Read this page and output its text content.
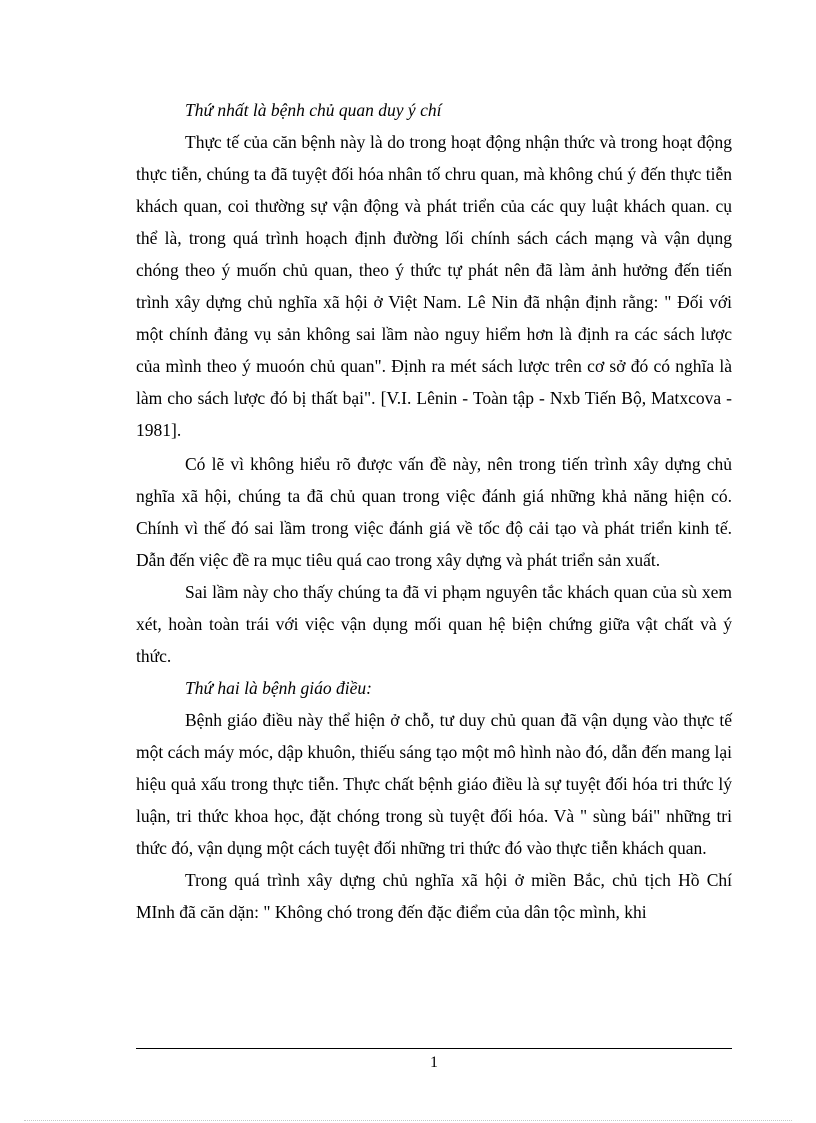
Thứ nhất là bệnh chủ quan duy ý chí

Thực tế của căn bệnh này là do trong hoạt động nhận thức và trong hoạt động thực tiễn, chúng ta đã tuyệt đối hóa nhân tố chru quan, mà không chú ý đến thực tiễn khách quan, coi thường sự vận động và phát triển của các quy luật khách quan. cụ thể là, trong quá trình hoạch định đường lối chính sách cách mạng và vận dụng chóng theo ý muốn chủ quan, theo ý thức tự phát nên đã làm ảnh hưởng đến tiến trình xây dựng chủ nghĩa xã hội ở Việt Nam. Lê Nin đã nhận định rằng: " Đối với một chính đảng vụ sản không sai lầm nào nguy hiểm hơn là định ra các sách lược của mình theo ý muoón chủ quan". Định ra mét sách lược trên cơ sở đó có nghĩa là làm cho sách lược đó bị thất bại". [V.I. Lênin - Toàn tập - Nxb Tiến Bộ, Matxcova - 1981].

Có lẽ vì không hiểu rõ được vấn đề này, nên trong tiến trình xây dựng chủ nghĩa xã hội, chúng ta đã chủ quan trong việc đánh giá những khả năng hiện có. Chính vì thế đó sai lầm trong việc đánh giá về tốc độ cải tạo và phát triển kinh tế. Dẫn đến việc đề ra mục tiêu quá cao trong xây dựng và phát triển sản xuất.

Sai lầm này cho thấy chúng ta đã vi phạm nguyên tắc khách quan của sù xem xét, hoàn toàn trái với việc vận dụng mối quan hệ biện chứng giữa vật chất và ý thức.

Thứ hai là bệnh giáo điều:

Bệnh giáo điều này thể hiện ở chỗ, tư duy chủ quan đã vận dụng vào thực tế một cách máy móc, dập khuôn, thiếu sáng tạo một mô hình nào đó, dẫn đến mang lại hiệu quả xấu trong thực tiễn. Thực chất bệnh giáo điều là sự tuyệt đối hóa tri thức lý luận, tri thức khoa học, đặt chóng trong sù tuyệt đối hóa. Và " sùng bái" những tri thức đó, vận dụng một cách tuyệt đối những tri thức đó vào thực tiễn khách quan.

Trong quá trình xây dựng chủ nghĩa xã hội ở miền Bắc, chủ tịch Hồ Chí MInh đã căn dặn: " Không chó trong đến đặc điểm của dân tộc mình, khi

1
